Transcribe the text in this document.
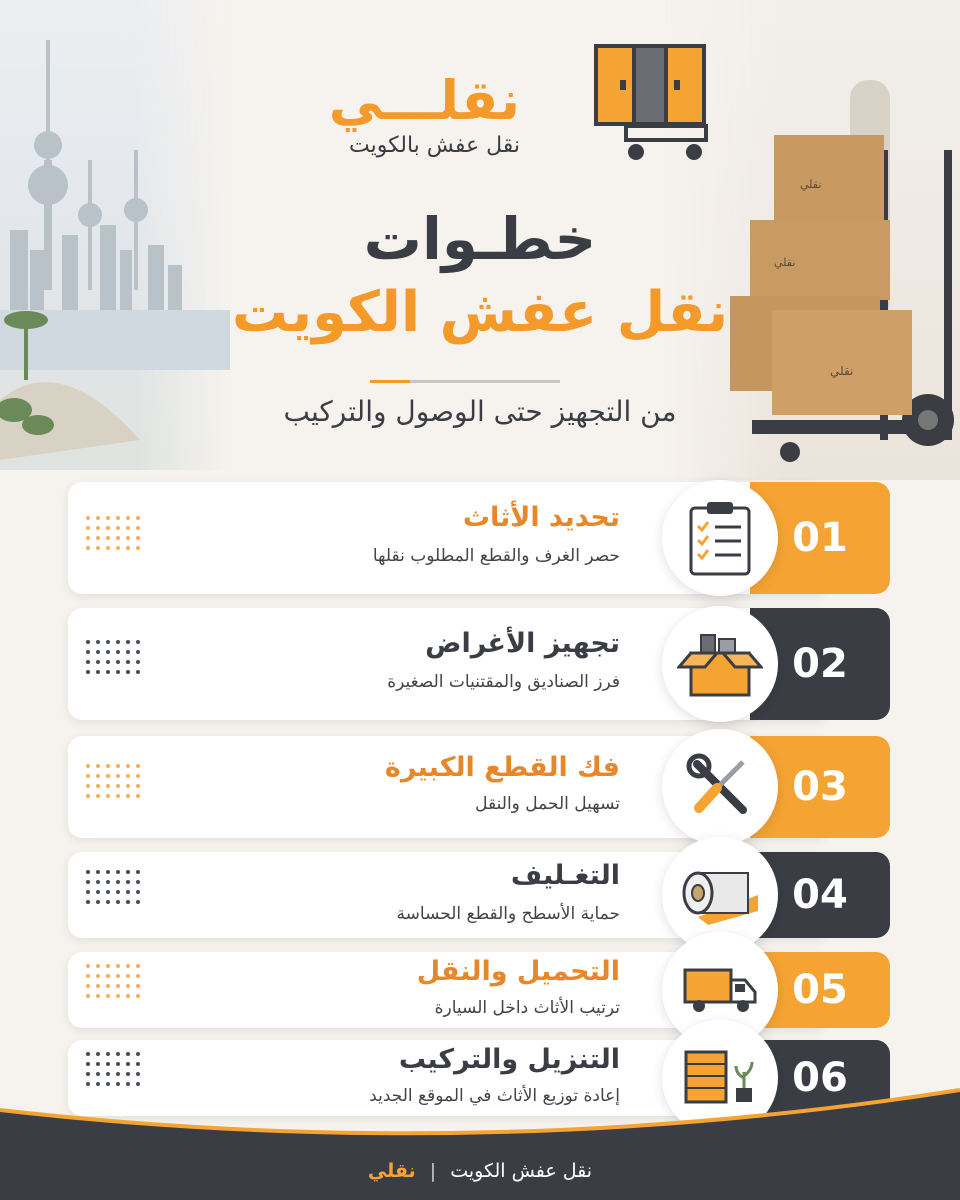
نقلي
نقلي
نقلي
نقلـــي
نقل عفش بالكويت
خطـوات
نقل عفش الكويت
من التجهيز حتى الوصول والتركيب
01
تحديد الأثاث
حصر الغرف والقطع المطلوب نقلها
02
تجهيز الأغراض
فرز الصناديق والمقتنيات الصغيرة
03
فك القطع الكبيرة
تسهيل الحمل والنقل
04
التغـليف
حماية الأسطح والقطع الحساسة
05
التحميل والنقل
ترتيب الأثاث داخل السيارة
06
التنزيل والتركيب
إعادة توزيع الأثاث في الموقع الجديد
نقل عفش الكويت | نقلي
